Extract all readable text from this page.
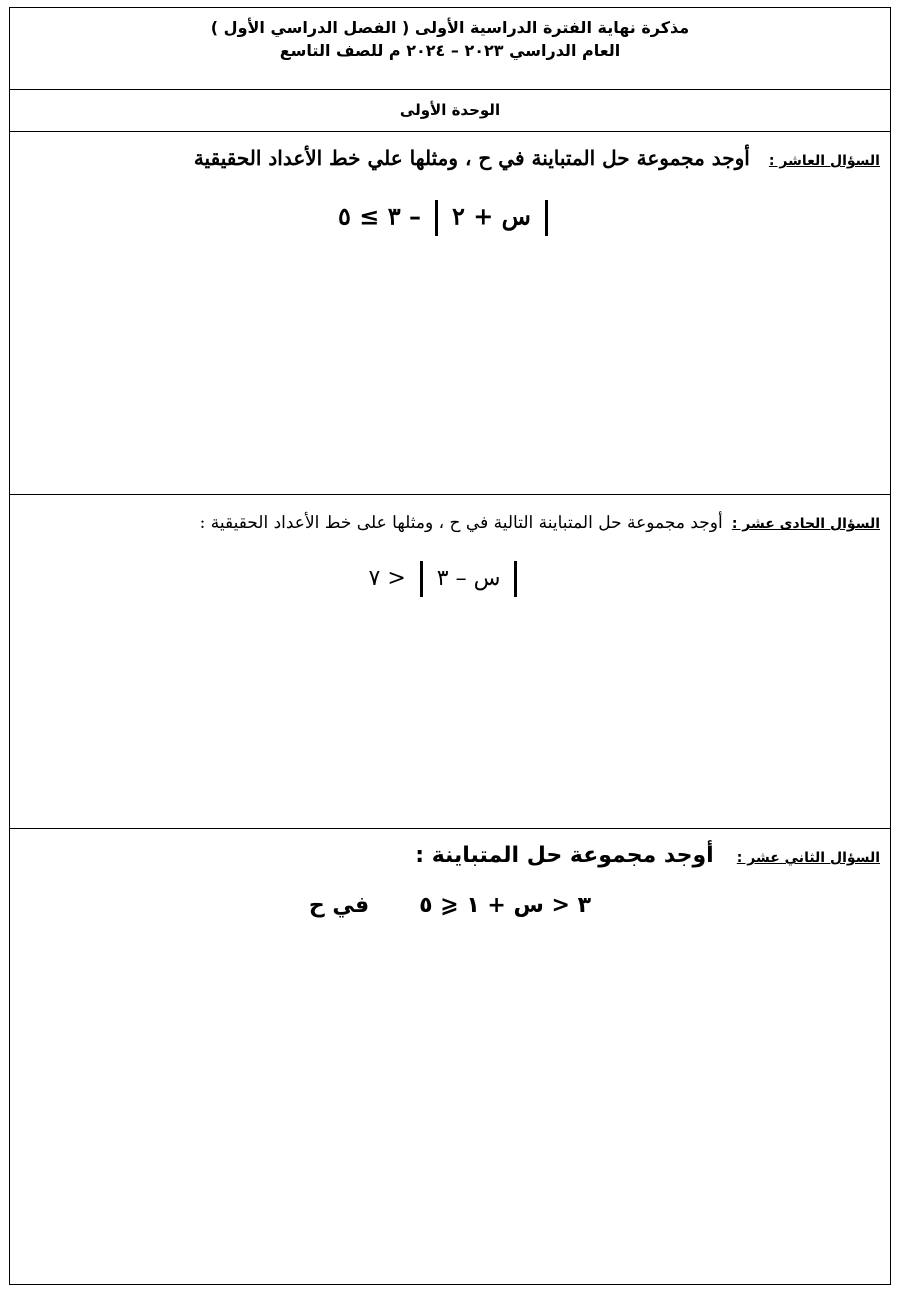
مذكرة نهاية الفترة الدراسية الأولى ( الفصل الدراسي الأول )
العام الدراسي ٢٠٢٣ – ٢٠٢٤ م للصف التاسع
الوحدة الأولى
السؤال العاشر : أوجد مجموعة حل المتباينة في ح ، ومثلها علي خط الأعداد الحقيقية
س + ٢– ٣ ≥ ٥
السؤال الحادى عشر : أوجد مجموعة حل المتباينة التالية في ح ، ومثلها على خط الأعداد الحقيقية :
س – ٣< ٧
السؤال الثاني عشر : أوجد مجموعة حل المتباينة :
٣ < س + ١ ⩽ ٥في ح
